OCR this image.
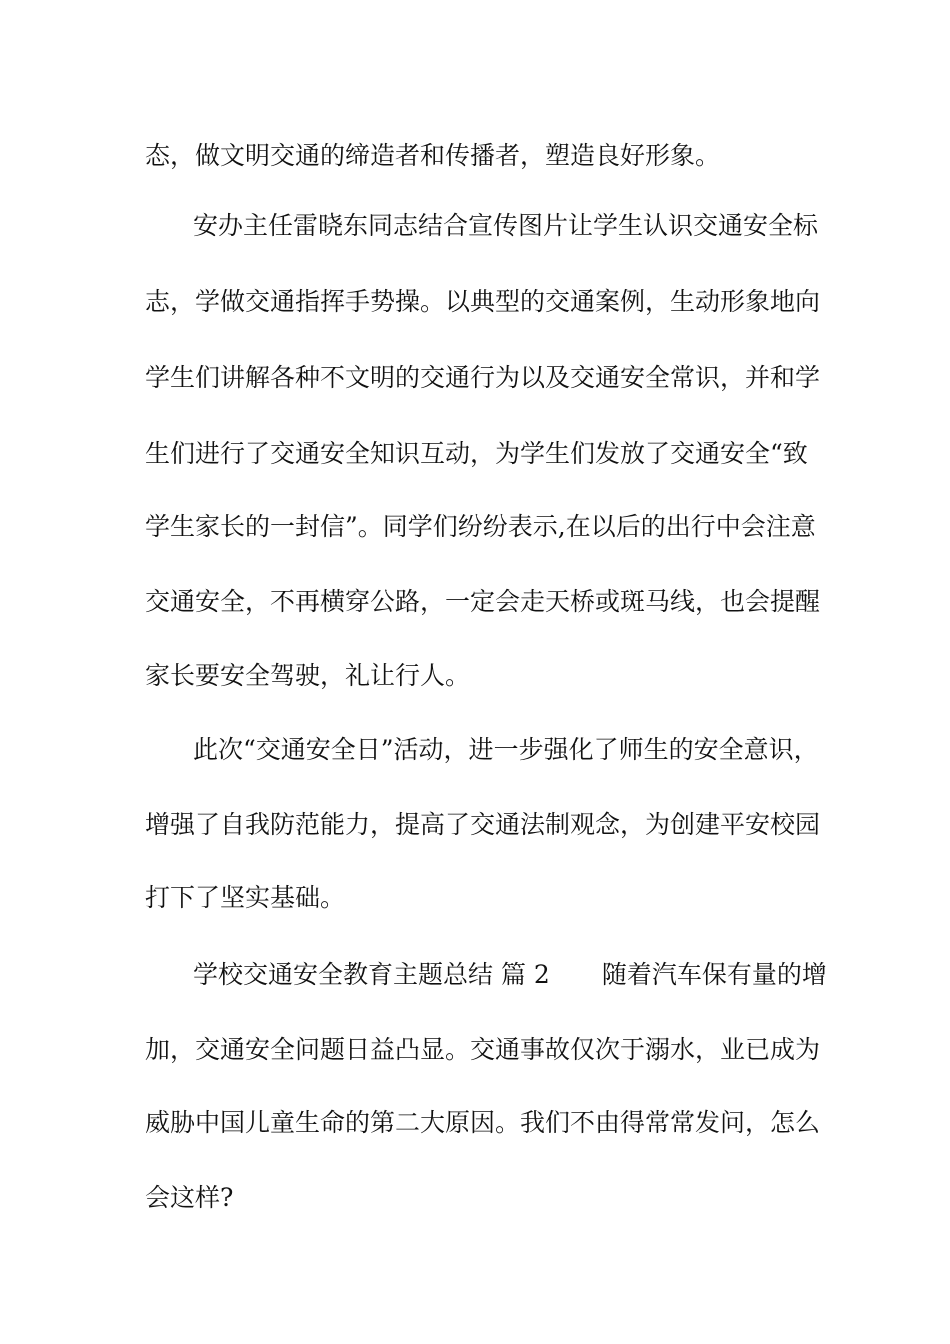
态，做文明交通的缔造者和传播者，塑造良好形象。
安办主任雷晓东同志结合宣传图片让学生认识交通安全标
志，学做交通指挥手势操。以典型的交通案例，生动形象地向
学生们讲解各种不文明的交通行为以及交通安全常识，并和学
生们进行了交通安全知识互动，为学生们发放了交通安全“致
学生家长的一封信”。同学们纷纷表示,在以后的出行中会注意
交通安全，不再横穿公路，一定会走天桥或斑马线，也会提醒
家长要安全驾驶，礼让行人。
此次“交通安全日”活动，进一步强化了师生的安全意识，
增强了自我防范能力，提高了交通法制观念，为创建平安校园
打下了坚实基础。
学校交通安全教育主题总结 篇 2 随着汽车保有量的增
加，交通安全问题日益凸显。交通事故仅次于溺水，业已成为
威胁中国儿童生命的第二大原因。我们不由得常常发问，怎么
会这样?
